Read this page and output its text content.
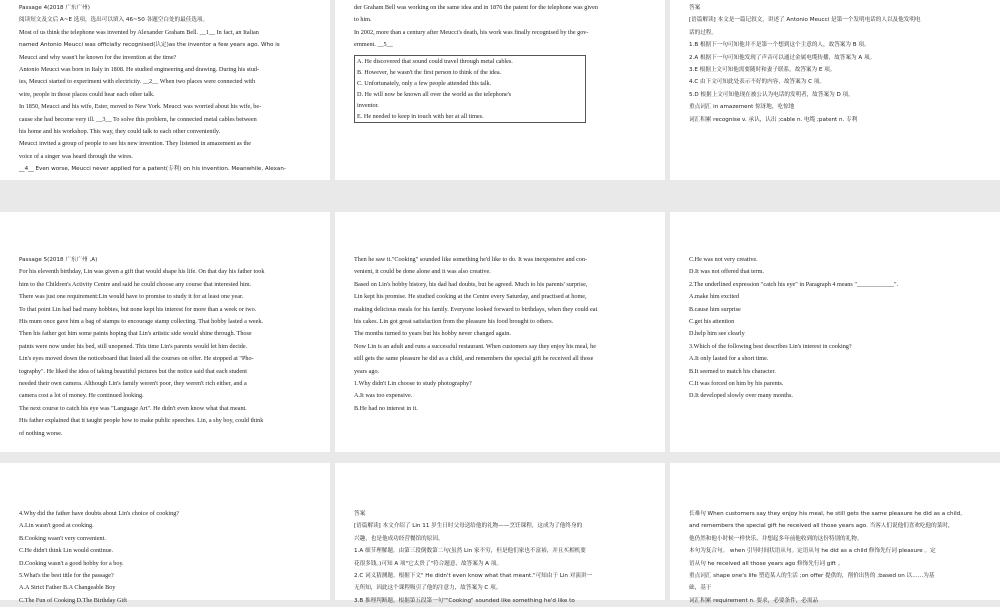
Passage 4(2018 广东广州)
阅读短文及文后 A~E 选项，选出可以填入 46~50 各题空白处的最佳选项。
Most of us think the telephone was invented by Alexander Graham Bell. __1__ In fact, an Italian
named Antonio Meucci was officially recognised(认定)as the inventor a few years ago. Who is
Meucci and why wasn't he known for the invention at the time?
Antonio Meucci was born in Italy in 1808. He studied engineering and drawing. During his stud-
ies, Meucci started to experiment with electricity. __2__ When two places were connected with
wire, people in those places could hear each other talk.
In 1850, Meucci and his wife, Ester, moved to New York. Meucci was worried about his wife, be-
cause she had become very ill. __3__ To solve this problem, he connected metal cables between
his home and his workshop. This way, they could talk to each other conveniently.
Meucci invited a group of people to see his new invention. They listened in amazement as the
voice of a singer was heard through the wires.
__4__ Even worse, Meucci never applied for a patent(专利) on his invention. Meanwhile, Alexan-
der Graham Bell was working on the same idea and in 1876 the patent for the telephone was given
to him.
In 2002, more than a century after Meucci's death, his work was finally recognised by the gov-
ernment. __5__
A. He discovered that sound could travel through metal cables.
B. However, he wasn't the first person to think of the idea.
C. Unfortunately, only a few people attended this talk.
D. He will now be known all over the world as the telephone's
inventor.
E. He needed to keep in touch with her at all times.
答案
[语篇解读] 本文是一篇记叙文，讲述了 Antonio Meucci 是第一个发明电话的人以及他发明电
话的过程。
1.B 根据下一句可知他并不是第一个想到这个主意的人，故答案为 B 项。
2.A 根据下一句可知他发现了声音可以通过金属电缆传播，故答案为 A 项。
3.E 根据上文可知他需要随时和妻子联系，故答案为 E 项。
4.C 由下文可知此处表示不好的内容，故答案为 C 项。
5.D 根据上文可知他现在被公认为电话的发明者，故答案为 D 项。
重点词汇 in amazement 惊讶地，吃惊地
词汇积累 recognise v. 承认，认出 ;cable n. 电缆 ;patent n. 专利
Passage 5(2018 广东广州 ,A)
For his eleventh birthday, Lin was given a gift that would shape his life. On that day his father took
him to the Children's Activity Centre and said he could choose any course that interested him.
There was just one requirement:Lin would have to promise to study it for at least one year.
To that point Lin had had many hobbies, but none kept his interest for more than a week or two.
His mum once gave him a bag of stamps to encourage stamp collecting. That hobby lasted a week.
Then his father got him some paints hoping that Lin's artistic side would shine through. Those
paints were now under his bed, still unopened. This time Lin's parents would let him decide.
Lin's eyes moved down the noticeboard that listed all the courses on offer. He stopped at "Pho-
tography". He liked the idea of taking beautiful pictures but the notice said that each student
needed their own camera. Although Lin's family weren't poor, they weren't rich either, and a
camera cost a lot of money. He continued looking.
The next course to catch his eye was "Language Art". He didn't even know what that meant.
His father explained that it taught people how to make public speeches. Lin, a shy boy, could think
of nothing worse.
Then he saw it."Cooking" sounded like something he'd like to do. It was inexpensive and con-
venient, it could be done alone and it was also creative.
Based on Lin's hobby history, his dad had doubts, but he agreed. Much to his parents' surprise,
Lin kept his promise. He studied cooking at the Centre every Saturday, and practised at home,
making delicious meals for his family. Everyone looked forward to birthdays, when they could eat
his cakes. Lin got great satisfaction from the pleasure his food brought to others.
The months turned to years but his hobby never changed again.
Now Lin is an adult and runs a successful restaurant. When customers say they enjoy his meal, he
still gets the same pleasure he did as a child, and remembers the special gift he received all those
years ago.
1.Why didn't Lin choose to study photography?
A.It was too expensive.
B.He had no interest in it.
C.He was not very creative.
D.It was not offered that term.
2.The underlined expression "catch his eye" in Paragraph 4 means "____________".
A.make him excited
B.cause him surprise
C.get his attention
D.help him see clearly
3.Which of the following best describes Lin's interest in cooking?
A.It only lasted for a short time.
B.It seemed to match his character.
C.It was forced on him by his parents.
D.It developed slowly over many months.
4.Why did the father have doubts about Lin's choice of cooking?
A.Lin wasn't good at cooking.
B.Cooking wasn't very convenient.
C.He didn't think Lin would continue.
D.Cooking wasn't a good hobby for a boy.
5.What's the best title for the passage?
A.A Strict Father B.A Changeable Boy
C.The Fun of Cooking D.The Birthday Gift
答案
[语篇解读] 本文介绍了 Lin 11 岁生日时父母送给他的礼物——烹饪课程，这成为了他终身的
兴趣，也是他成功经营餐馆的原因。
1.A 细节理解题。由第三段倒数第二句(虽然 Lin 家不穷，但是他们家也不富裕，并且买相机要
花很多钱。)可知 A 项"它太贵了"符合题意，故答案为 A 项。
2.C 词义猜测题。根据下文" He didn't even know what that meant."可知由于 Lin 对演讲一
无所知，因此这个课程吸引了他的注意力，故答案为 C 项。
3.B 推理判断题。根据第五段第一句""Cooking" sounded like something he'd like to
长难句 When customers say they enjoy his meal, he still gets the same pleasure he did as a child,
and remembers the special gift he received all those years ago. 当客人们说他们喜欢吃他的菜时，
他仍然和他小时候一样快乐，并想起多年前他收到的这份特别的礼物。
本句为复合句。 when 引导时间状语从句。定语从句 he did as a child 修饰先行词 pleasure 。定
语从句 he received all those years ago 修饰先行词 gift 。
重点词汇 shape one's life 塑造某人的生活 ;on offer 提供的，削价出售的 ;based on 以……为基
础，基于
词汇积累 requirement n. 要求，必要条件，必需品
